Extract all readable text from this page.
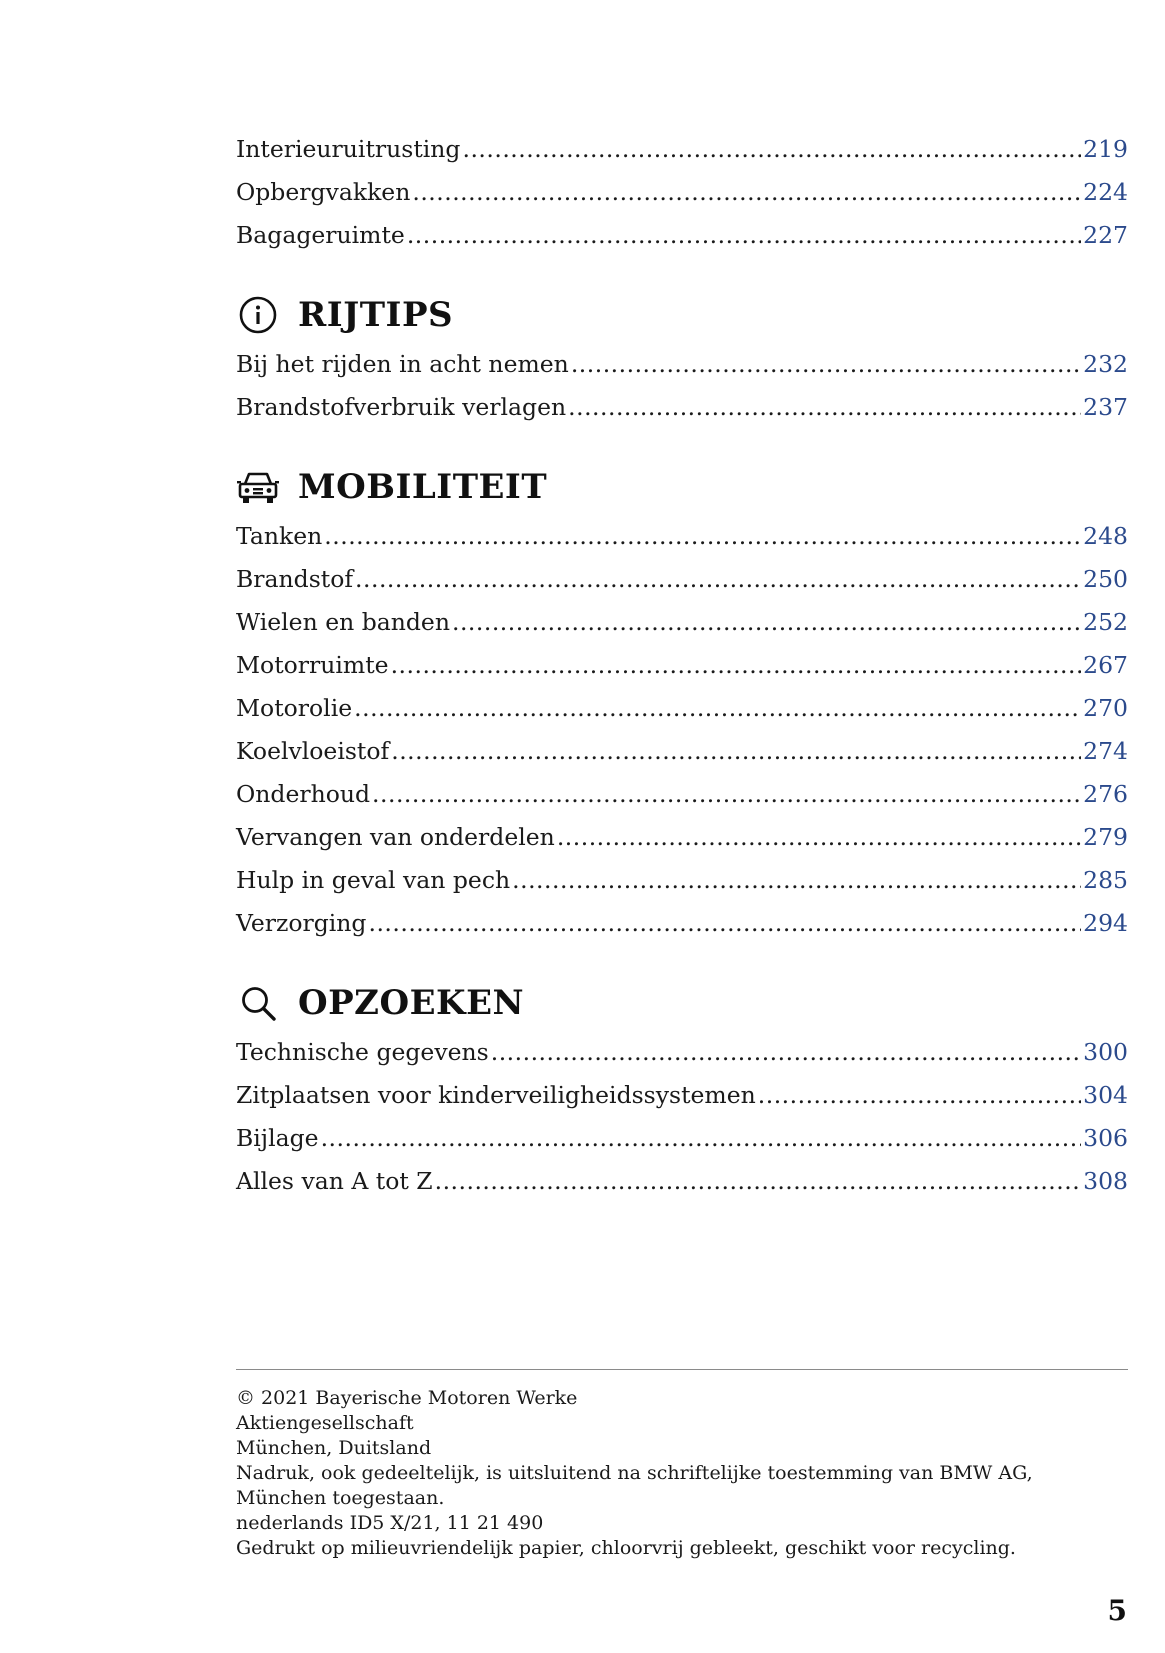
Interieuruitrusting .....	219
Opbergvakken .....	224
Bagageruimte .....	227
RIJTIPS
Bij het rijden in acht nemen .....	232
Brandstofverbruik verlagen .....	237
MOBILITEIT
Tanken .....	248
Brandstof .....	250
Wielen en banden .....	252
Motorruimte .....	267
Motorolie .....	270
Koelvloeistof .....	274
Onderhoud .....	276
Vervangen van onderdelen .....	279
Hulp in geval van pech .....	285
Verzorging .....	294
OPZOEKEN
Technische gegevens .....	300
Zitplaatsen voor kinderveiligheidssystemen .....	304
Bijlage .....	306
Alles van A tot Z .....	308
© 2021 Bayerische Motoren Werke
Aktiengesellschaft
München, Duitsland
Nadruk, ook gedeeltelijk, is uitsluitend na schriftelijke toestemming van BMW AG, München toegestaan.
nederlands ID5 X/21, 11 21 490
Gedrukt op milieuvriendelijk papier, chloorvrij gebleekt, geschikt voor recycling.
5
